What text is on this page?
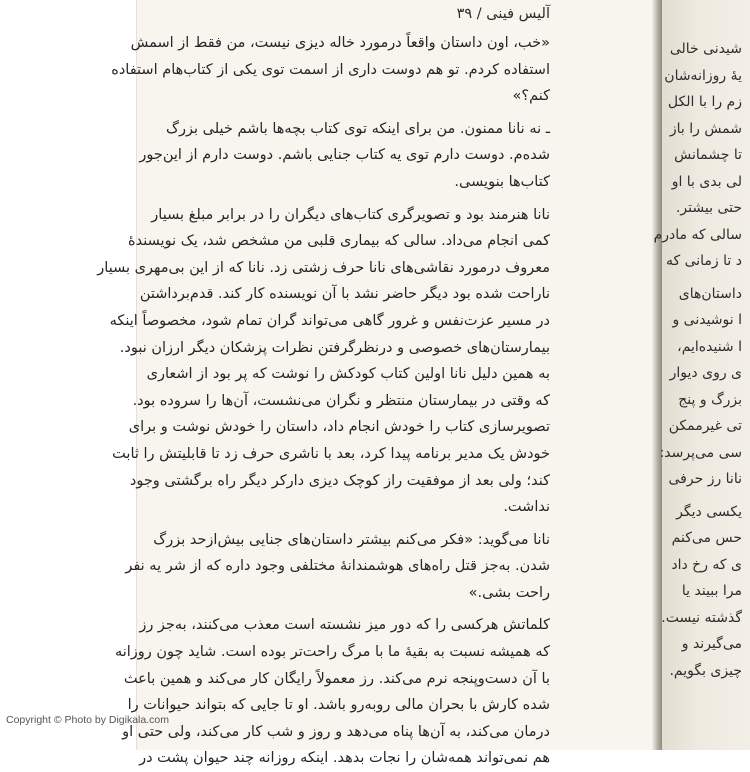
آلیس فینی / ۳۹
«خب، اون داستان واقعاً درمورد خاله دیزی نیست، من فقط از اسمش
استفاده کردم. تو هم دوست داری از اسمت توی یکی از کتاب‌هام استفاده
کنم؟»
ـ نه نانا ممنون. من برای اینکه توی کتاب بچه‌ها باشم خیلی بزرگ
شده‌م. دوست دارم توی یه کتاب جنایی باشم. دوست دارم از این‌جور
کتاب‌ها بنویسی.
نانا هنرمند بود و تصویرگری کتاب‌های دیگران را در برابر مبلغ بسیار
کمی انجام می‌داد. سالی که بیماری قلبی من مشخص شد، یک نویسندهٔ
معروف درمورد نقاشی‌های نانا حرف زشتی زد. نانا که از این بی‌مهری بسیار
ناراحت شده بود دیگر حاضر نشد با آن نویسنده کار کند. قدم‌برداشتن
در مسیر عزت‌نفس و غرور گاهی می‌تواند گران تمام شود، مخصوصاً اینکه
بیمارستان‌های خصوصی و درنظرگرفتن نظرات پزشکان دیگر ارزان نبود.
به همین دلیل نانا اولین کتاب کودکش را نوشت که پر بود از اشعاری
که وقتی در بیمارستان منتظر و نگران می‌نشست، آن‌ها را سروده بود.
تصویرسازی کتاب را خودش انجام داد، داستان را خودش نوشت و برای
خودش یک مدیر برنامه پیدا کرد، بعد با ناشری حرف زد تا قابلیتش را ثابت
کند؛ ولی بعد از موفقیت راز کوچک دیزی دارکر دیگر راه برگشتی وجود
نداشت.
نانا می‌گوید: «فکر می‌کنم بیشتر داستان‌های جنایی بیش‌ازحد بزرگ
شدن. به‌جز قتل راه‌های هوشمندانهٔ مختلفی وجود داره که از شر یه نفر
راحت بشی.»
کلماتش هرکسی را که دور میز نشسته است معذب می‌کنند، به‌جز رز
که همیشه نسبت به بقیهٔ ما با مرگ راحت‌تر بوده است. شاید چون روزانه
با آن دست‌وپنجه نرم می‌کند. رز معمولاً رایگان کار می‌کند و همین باعث
شده کارش با بحران مالی روبه‌رو باشد. او تا جایی که بتواند حیوانات را
درمان می‌کند، به آن‌ها پناه می‌دهد و روز و شب کار می‌کند، ولی حتی او
هم نمی‌تواند همه‌شان را نجات بدهد. اینکه روزانه چند حیوان پشت در
شیدنی خالی
یهٔ روزانه‌شان
زم را با الکل
شمش را باز
تا چشمانش
لی بدی با او
حتی بیشتر.
سالی که مادرم
د تا زمانی که
داستان‌های
ا نوشیدنی و
ا شنیده‌ایم،
ی روی دیوار
بزرگ و پنج
تی غیرممکن
سی می‌پرسد:
نانا رز حرفی
یکسی دیگر
حس می‌کنم
ی که رخ داد
مرا ببیند یا
گذشته نیست.
می‌گیرند و
چیزی بگویم.
Copyright © Photo by Digikala.com
